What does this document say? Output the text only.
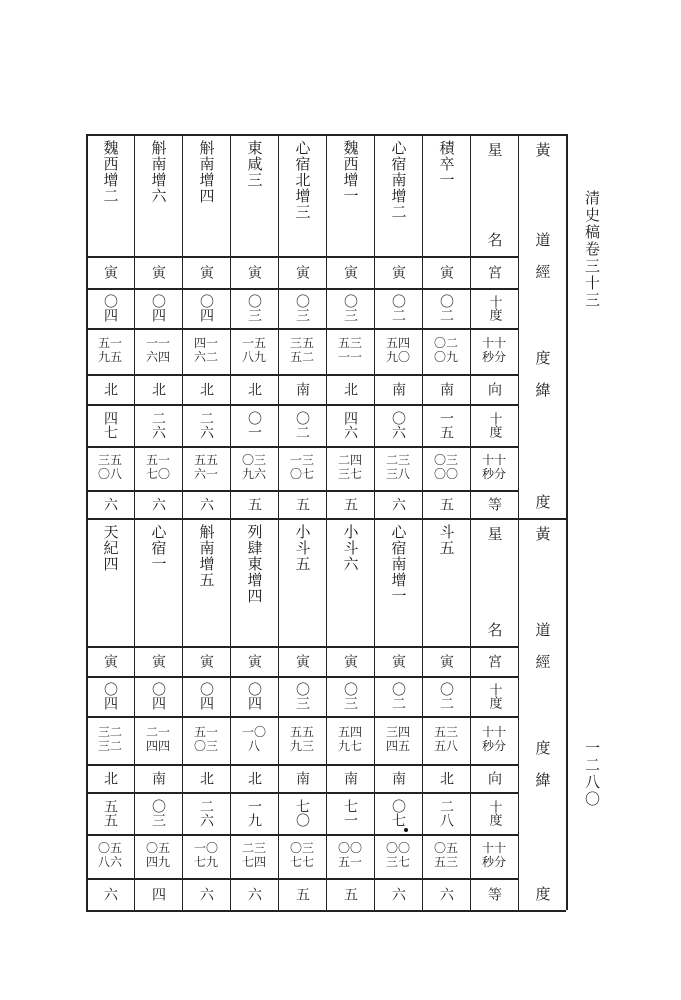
清史稿卷三十三
一二八〇
積卒一
寅
〇二
〇二
〇九
南
一五
〇三
〇〇
五
心宿南增二
寅
〇二
五四
九〇
南
〇六
二三
三八
六
魏西增一
寅
〇三
五三
一一
北
四六
二四
三七
五
心宿北增三
寅
〇三
三五
五二
南
〇二
一三
〇七
五
東咸三
寅
〇三
一五
八九
北
〇一
〇三
九六
五
斛南增四
寅
〇四
四一
六二
北
二六
五五
六一
六
斛南增六
寅
〇四
一一
六四
北
二六
五一
七〇
六
魏西增二
寅
〇四
五一
九五
北
四七
三五
〇八
六
星
名
宮
十度
十十
秒分
向
十度
十十
秒分
等
黃
道
經
度
緯
度
斗五
寅
〇二
五三
五八
北
二八
〇五
五三
六
心宿南增一
寅
〇二
三四
四五
南
〇七
〇〇
三七
六
小斗六
寅
〇三
五四
九七
南
七一
〇〇
五一
五
小斗五
寅
〇三
五五
九三
南
七〇
〇三
七七
五
列肆東增四
寅
〇四
一〇
八
北
一九
二三
七四
六
斛南增五
寅
〇四
五一
〇三
北
二六
一〇
七九
六
心宿一
寅
〇四
二一
四四
南
〇三
〇五
四九
四
天紀四
寅
〇四
三二
三二
北
五五
〇五
八六
六
星
名
宮
十度
十十
秒分
向
十度
十十
秒分
等
黃
道
經
度
緯
度
